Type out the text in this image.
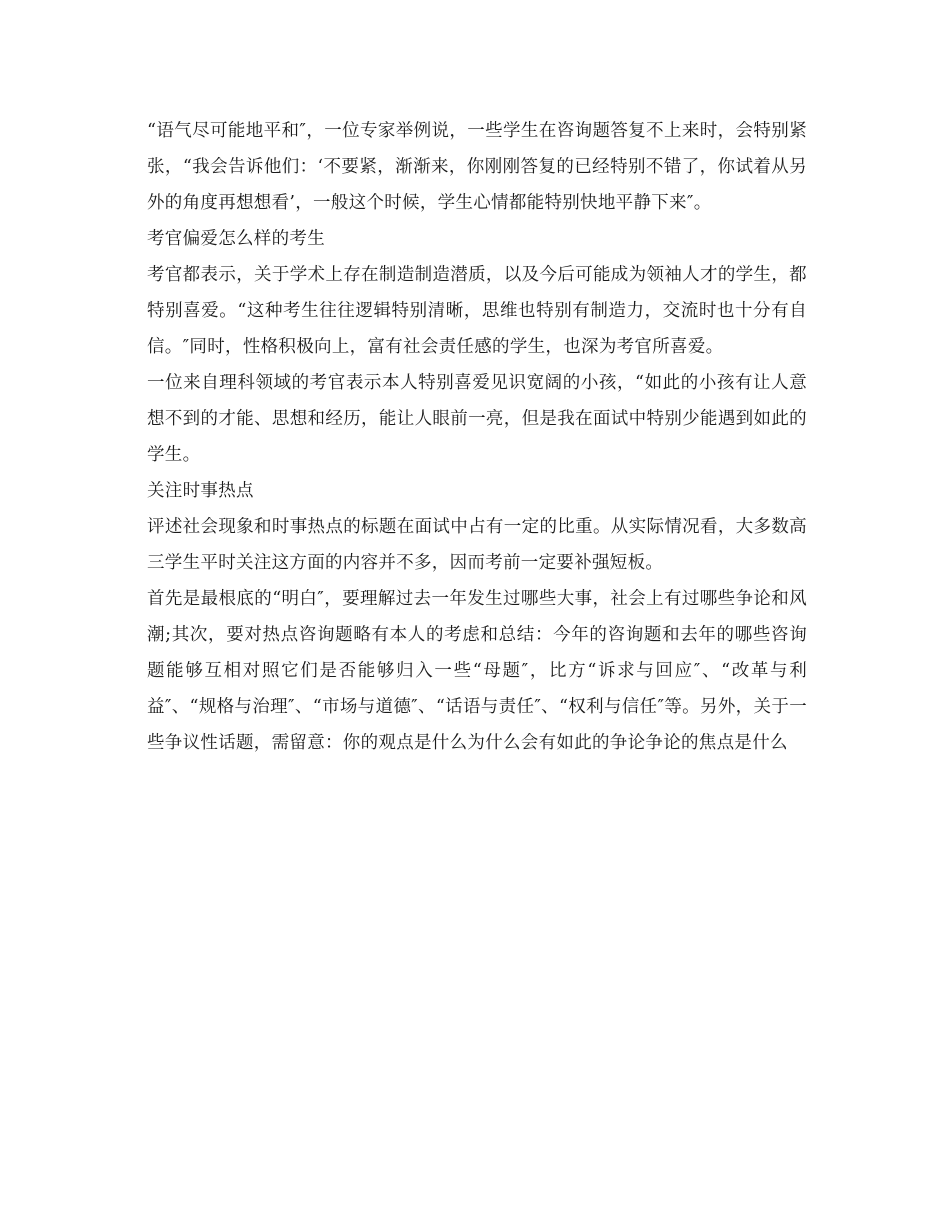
“语气尽可能地平和″，一位专家举例说，一些学生在咨询题答复不上来时，会特别紧张，“我会告诉他们：‘不要紧，渐渐来，你刚刚答复的已经特别不错了，你试着从另外的角度再想想看’，一般这个时候，学生心情都能特别快地平静下来″。

考官偏爱怎么样的考生

考官都表示，关于学术上存在制造制造潜质，以及今后可能成为领袖人才的学生，都特别喜爱。“这种考生往往逻辑特别清晰，思维也特别有制造力，交流时也十分有自信。″同时，性格积极向上，富有社会责任感的学生，也深为考官所喜爱。

一位来自理科领域的考官表示本人特别喜爱见识宽阔的小孩，“如此的小孩有让人意想不到的才能、思想和经历，能让人眼前一亮，但是我在面试中特别少能遇到如此的学生。

关注时事热点

评述社会现象和时事热点的标题在面试中占有一定的比重。从实际情况看，大多数高三学生平时关注这方面的内容并不多，因而考前一定要补强短板。

首先是最根底的“明白″，要理解过去一年发生过哪些大事，社会上有过哪些争论和风潮;其次，要对热点咨询题略有本人的考虑和总结：今年的咨询题和去年的哪些咨询题能够互相对照它们是否能够归入一些“母题″，比方“诉求与回应″、“改革与利益″、“规格与治理″、“市场与道德″、“话语与责任″、“权利与信任″等。另外，关于一些争议性话题，需留意：你的观点是什么为什么会有如此的争论争论的焦点是什么
